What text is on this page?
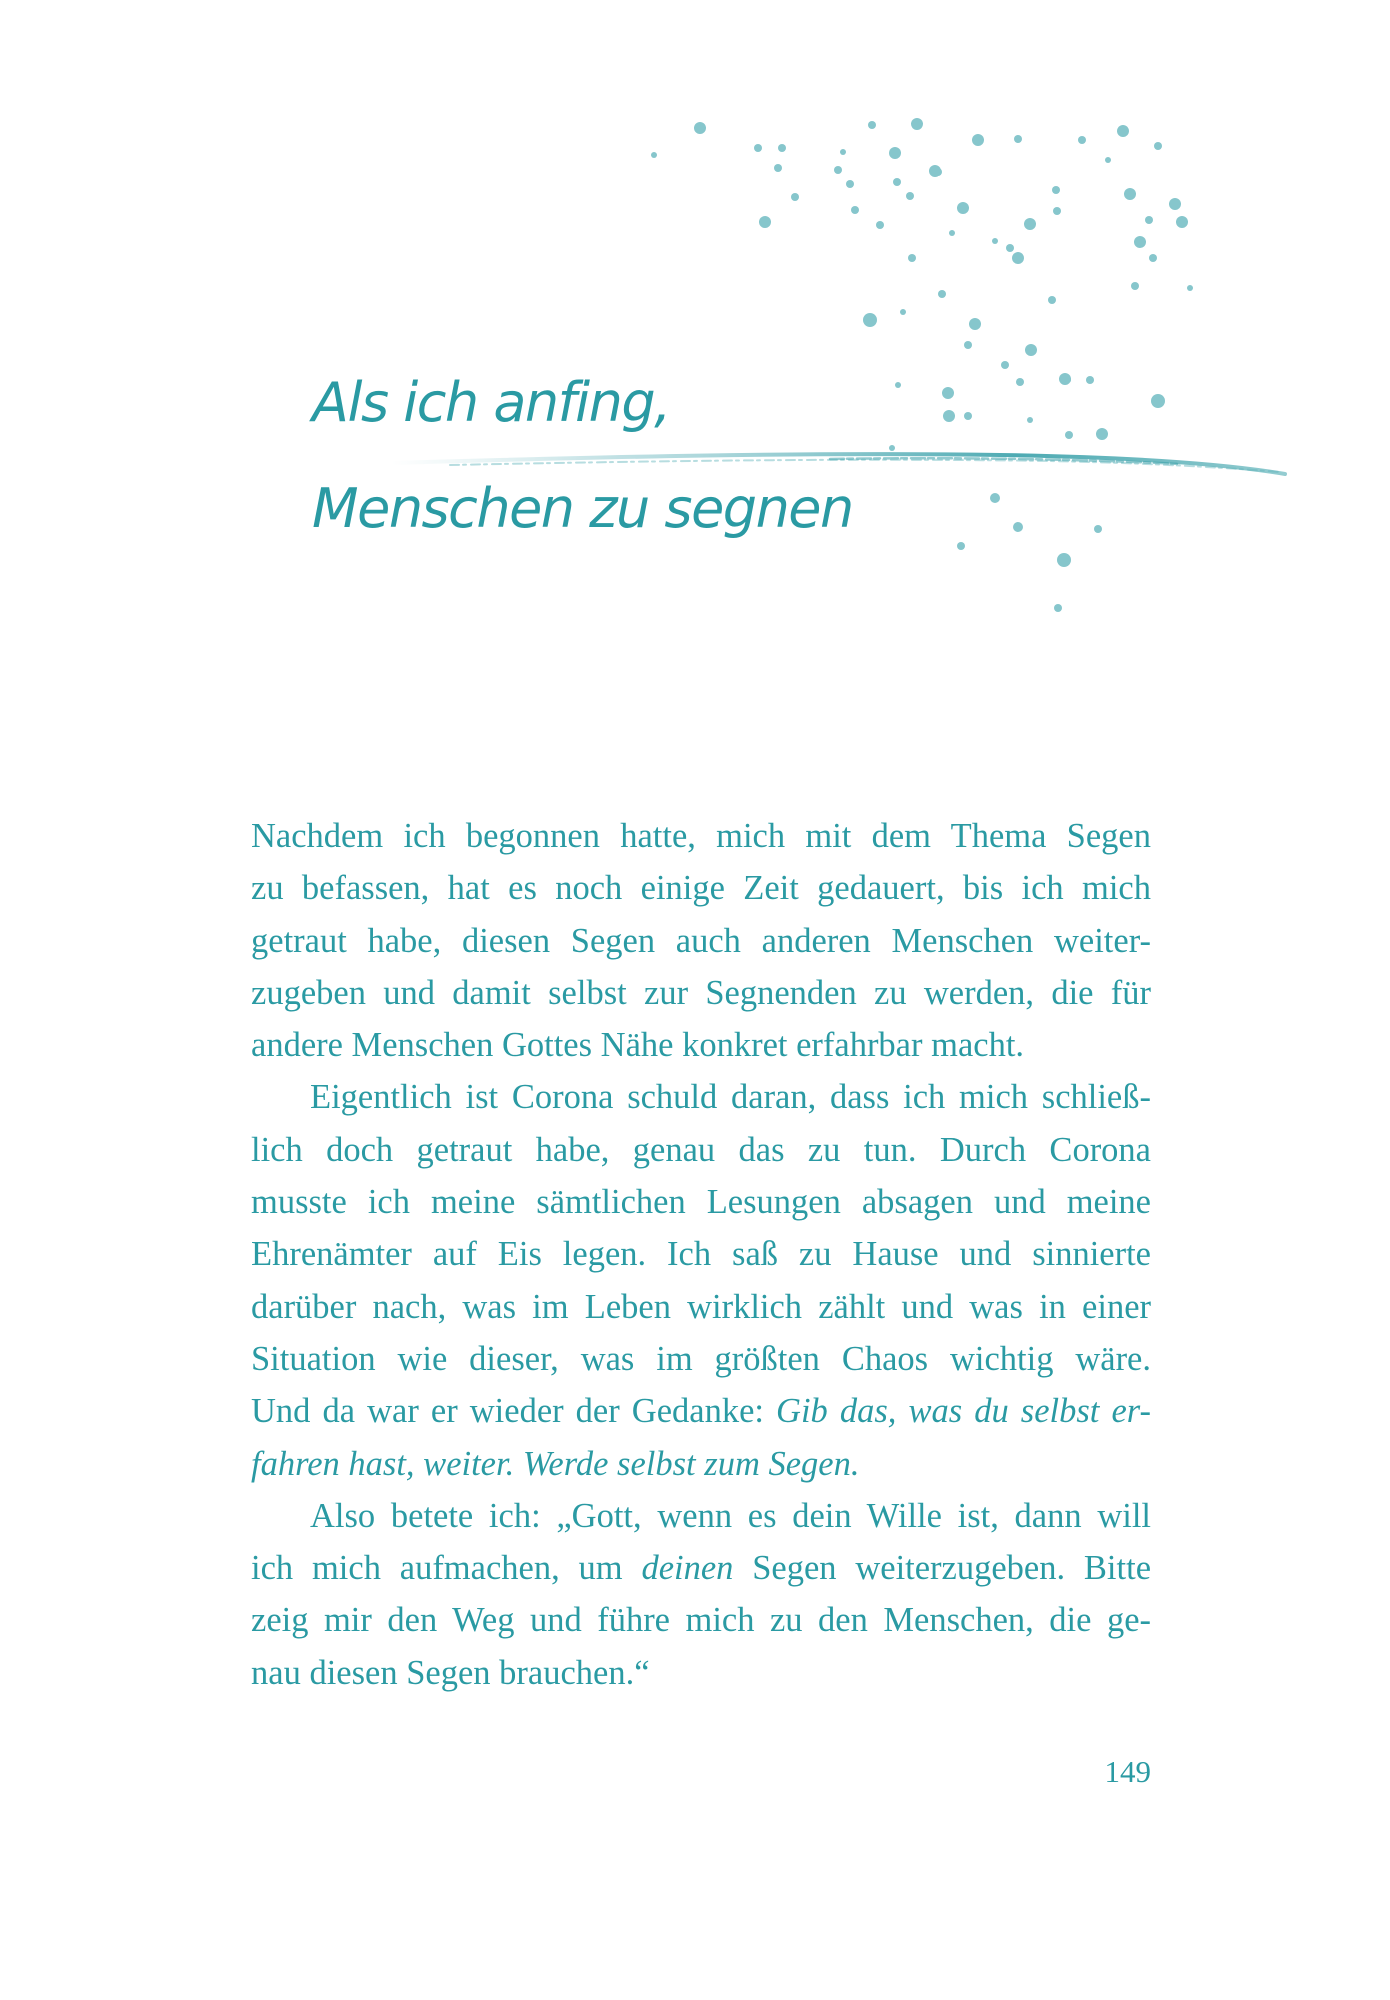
Als ich anfing,
Menschen zu segnen
Nachdem ich begonnen hatte, mich mit dem Thema Segen
zu befassen, hat es noch einige Zeit gedauert, bis ich mich
getraut habe, diesen Segen auch anderen Menschen weiter-
zugeben und damit selbst zur Segnenden zu werden, die für
andere Menschen Gottes Nähe konkret erfahrbar macht.
Eigentlich ist Corona schuld daran, dass ich mich schließ-
lich doch getraut habe, genau das zu tun. Durch Corona
musste ich meine sämtlichen Lesungen absagen und meine
Ehrenämter auf Eis legen. Ich saß zu Hause und sinnierte
darüber nach, was im Leben wirklich zählt und was in einer
Situation wie dieser, was im größten Chaos wichtig wäre.
Und da war er wieder der Gedanke: Gib das, was du selbst er-
fahren hast, weiter. Werde selbst zum Segen.
Also betete ich: „Gott, wenn es dein Wille ist, dann will
ich mich aufmachen, um deinen Segen weiterzugeben. Bitte
zeig mir den Weg und führe mich zu den Menschen, die ge-
nau diesen Segen brauchen.“
149
